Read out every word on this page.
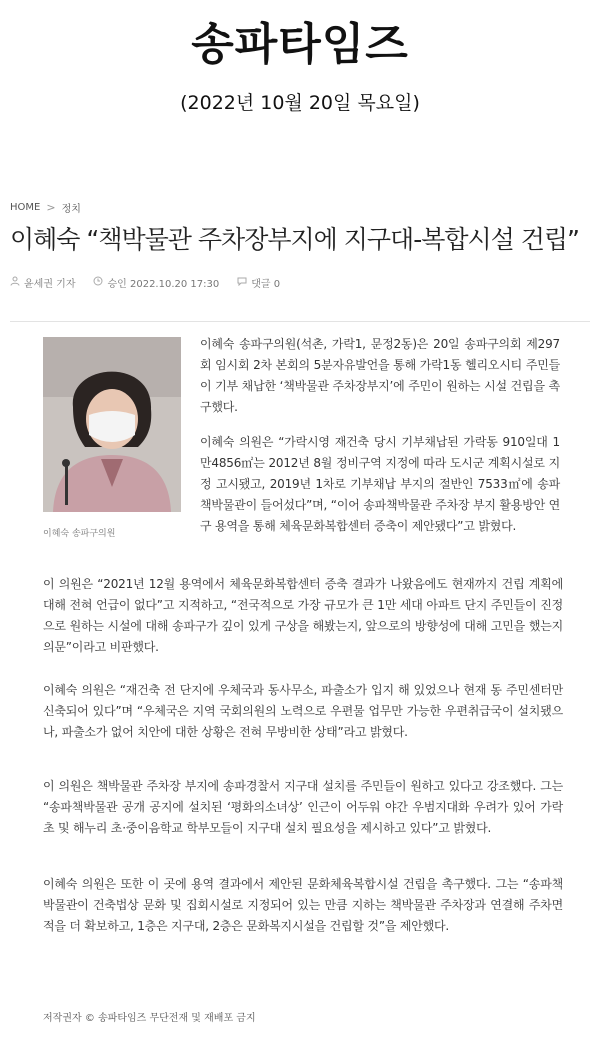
송파타임즈
(2022년 10월 20일 목요일)
HOME > 정치
이혜숙 “책박물관 주차장부지에 지구대-복합시설 건립”
윤세권 기자	승인 2022.10.20 17:30	댓글 0
이혜숙 송파구의원

이혜숙 송파구의원(석촌, 가락1, 문정2동)은 20일 송파구의회 제297회 임시회 2차 본회의 5분자유발언을 통해 가락1동 헬리오시티 주민들이 기부 채납한 ‘책박물관 주차장부지’에 주민이 원하는 시설 건립을 촉구했다.

이혜숙 의원은 “가락시영 재건축 당시 기부채납된 가락동 910일대 1만4856㎡는 2012년 8월 정비구역 지정에 따라 도시군 계획시설로 지정 고시됐고, 2019년 1차로 기부채납 부지의 절반인 7533㎡에 송파책박물관이 들어섰다”며, “이어 송파책박물관 주차장 부지 활용방안 연구 용역을 통해 체육문화복합센터 증축이 제안됐다”고 밝혔다.

이 의원은 “2021년 12월 용역에서 체육문화복합센터 증축 결과가 나왔음에도 현재까지 건립 계획에 대해 전혀 언급이 없다”고 지적하고, “전국적으로 가장 규모가 큰 1만 세대 아파트 단지 주민들이 진정으로 원하는 시설에 대해 송파구가 깊이 있게 구상을 해봤는지, 앞으로의 방향성에 대해 고민을 했는지 의문”이라고 비판했다.

이혜숙 의원은 “재건축 전 단지에 우체국과 동사무소, 파출소가 입지 해 있었으나 현재 동 주민센터만 신축되어 있다”며 “우체국은 지역 국회의원의 노력으로 우편물 업무만 가능한 우편취급국이 설치됐으나, 파출소가 없어 치안에 대한 상황은 전혀 무방비한 상태”라고 밝혔다.

이 의원은 책박물관 주차장 부지에 송파경찰서 지구대 설치를 주민들이 원하고 있다고 강조했다. 그는 “송파책박물관 공개 공지에 설치된 ‘평화의소녀상’ 인근이 어두워 야간 우범지대화 우려가 있어 가락초 및 해누리 초·중이음학교 학부모들이 지구대 설치 필요성을 제시하고 있다”고 밝혔다.

이혜숙 의원은 또한 이 곳에 용역 결과에서 제안된 문화체육복합시설 건립을 촉구했다. 그는 “송파책박물관이 건축법상 문화 및 집회시설로 지정되어 있는 만큼 지하는 책박물관 주차장과 연결해 주차면적을 더 확보하고, 1층은 지구대, 2층은 문화복지시설을 건립할 것”을 제안했다.

저작권자 © 송파타임즈 무단전재 및 재배포 금지
